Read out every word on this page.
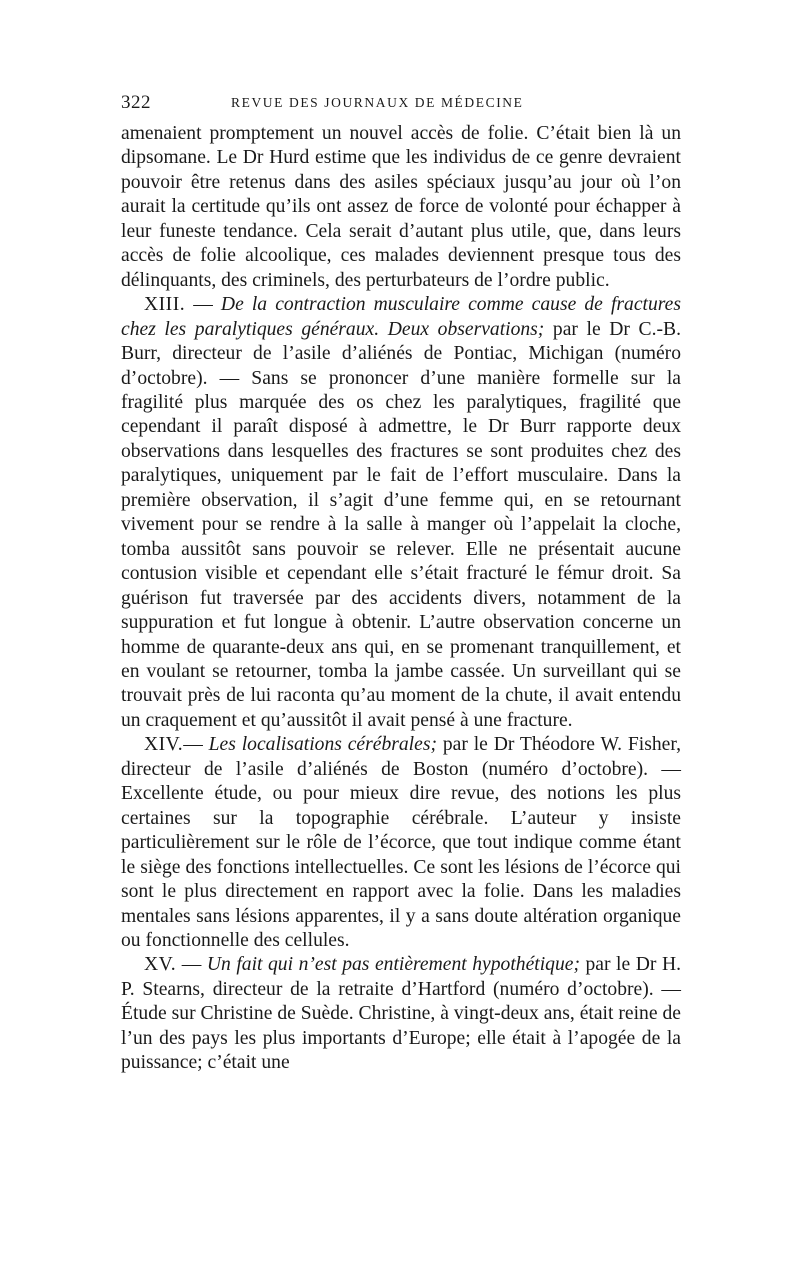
322	REVUE DES JOURNAUX DE MÉDECINE

amenaient promptement un nouvel accès de folie. C’était bien là un dipsomane. Le Dr Hurd estime que les individus de ce genre devraient pouvoir être retenus dans des asiles spéciaux jusqu’au jour où l’on aurait la certitude qu’ils ont assez de force de volonté pour échapper à leur funeste tendance. Cela serait d’autant plus utile, que, dans leurs accès de folie alcoolique, ces malades deviennent presque tous des délinquants, des criminels, des perturbateurs de l’ordre public.

XIII. — De la contraction musculaire comme cause de fractures chez les paralytiques généraux. Deux observations; par le Dr C.-B. Burr, directeur de l’asile d’aliénés de Pontiac, Michigan (numéro d’octobre). — Sans se prononcer d’une manière formelle sur la fragilité plus marquée des os chez les paralytiques, fragilité que cependant il paraît disposé à admettre, le Dr Burr rapporte deux observations dans lesquelles des fractures se sont produites chez des paralytiques, uniquement par le fait de l’effort musculaire. Dans la première observation, il s’agit d’une femme qui, en se retournant vivement pour se rendre à la salle à manger où l’appelait la cloche, tomba aussitôt sans pouvoir se relever. Elle ne présentait aucune contusion visible et cependant elle s’était fracturé le fémur droit. Sa guérison fut traversée par des accidents divers, notamment de la suppuration et fut longue à obtenir. L’autre observation concerne un homme de quarante-deux ans qui, en se promenant tranquillement, et en voulant se retourner, tomba la jambe cassée. Un surveillant qui se trouvait près de lui raconta qu’au moment de la chute, il avait entendu un craquement et qu’aussitôt il avait pensé à une fracture.

XIV.— Les localisations cérébrales; par le Dr Théodore W. Fisher, directeur de l’asile d’aliénés de Boston (numéro d’octobre). — Excellente étude, ou pour mieux dire revue, des notions les plus certaines sur la topographie cérébrale. L’auteur y insiste particulièrement sur le rôle de l’écorce, que tout indique comme étant le siège des fonctions intellectuelles. Ce sont les lésions de l’écorce qui sont le plus directement en rapport avec la folie. Dans les maladies mentales sans lésions apparentes, il y a sans doute altération organique ou fonctionnelle des cellules.

XV. — Un fait qui n’est pas entièrement hypothétique; par le Dr H. P. Stearns, directeur de la retraite d’Hartford (numéro d’octobre). — Étude sur Christine de Suède. Christine, à vingt-deux ans, était reine de l’un des pays les plus importants d’Europe; elle était à l’apogée de la puissance; c’était une
